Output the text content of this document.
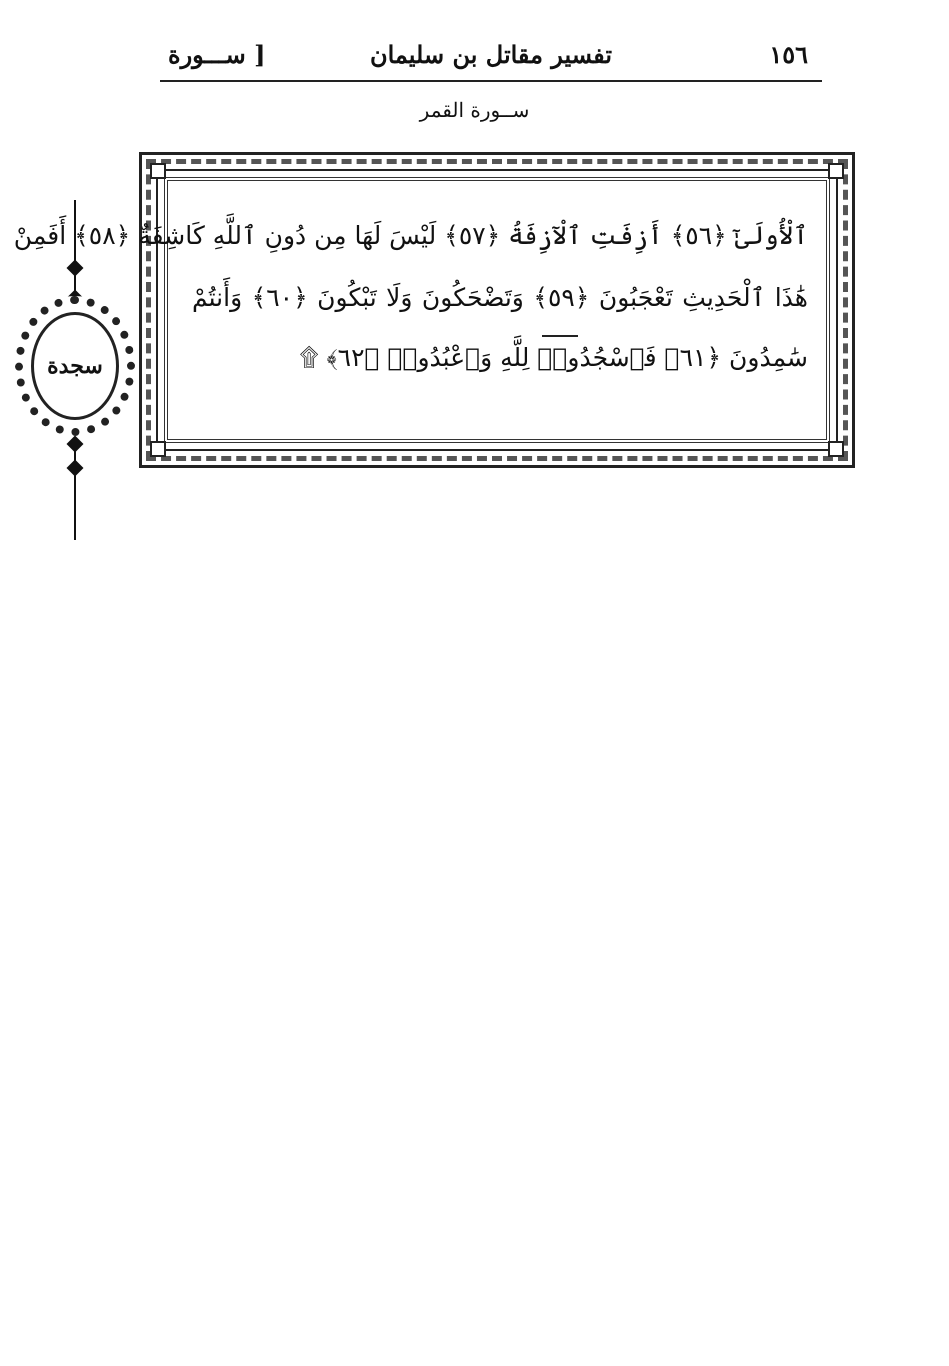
١٥٦
تفسير مقاتل بن سليمان
[ ســـورة
ســورة القمر
ٱلْأُولَىٰٓ ﴿٥٦﴾ أَزِفَتِ ٱلْآزِفَةُ ﴿٥٧﴾ لَيْسَ لَهَا مِن دُونِ ٱللَّهِ كَاشِفَةٌ ﴿٥٨﴾ أَفَمِنْ
هَٰذَا ٱلْحَدِيثِ تَعْجَبُونَ ﴿٥٩﴾ وَتَضْحَكُونَ وَلَا تَبْكُونَ ﴿٦٠﴾ وَأَنتُمْ
سَٰمِدُونَ ﴿٦١﴾ فَٱسْجُدُوا۟ لِلَّهِ وَٱعْبُدُوا۟ ﴿٦٢﴾ ۩
سجدة
